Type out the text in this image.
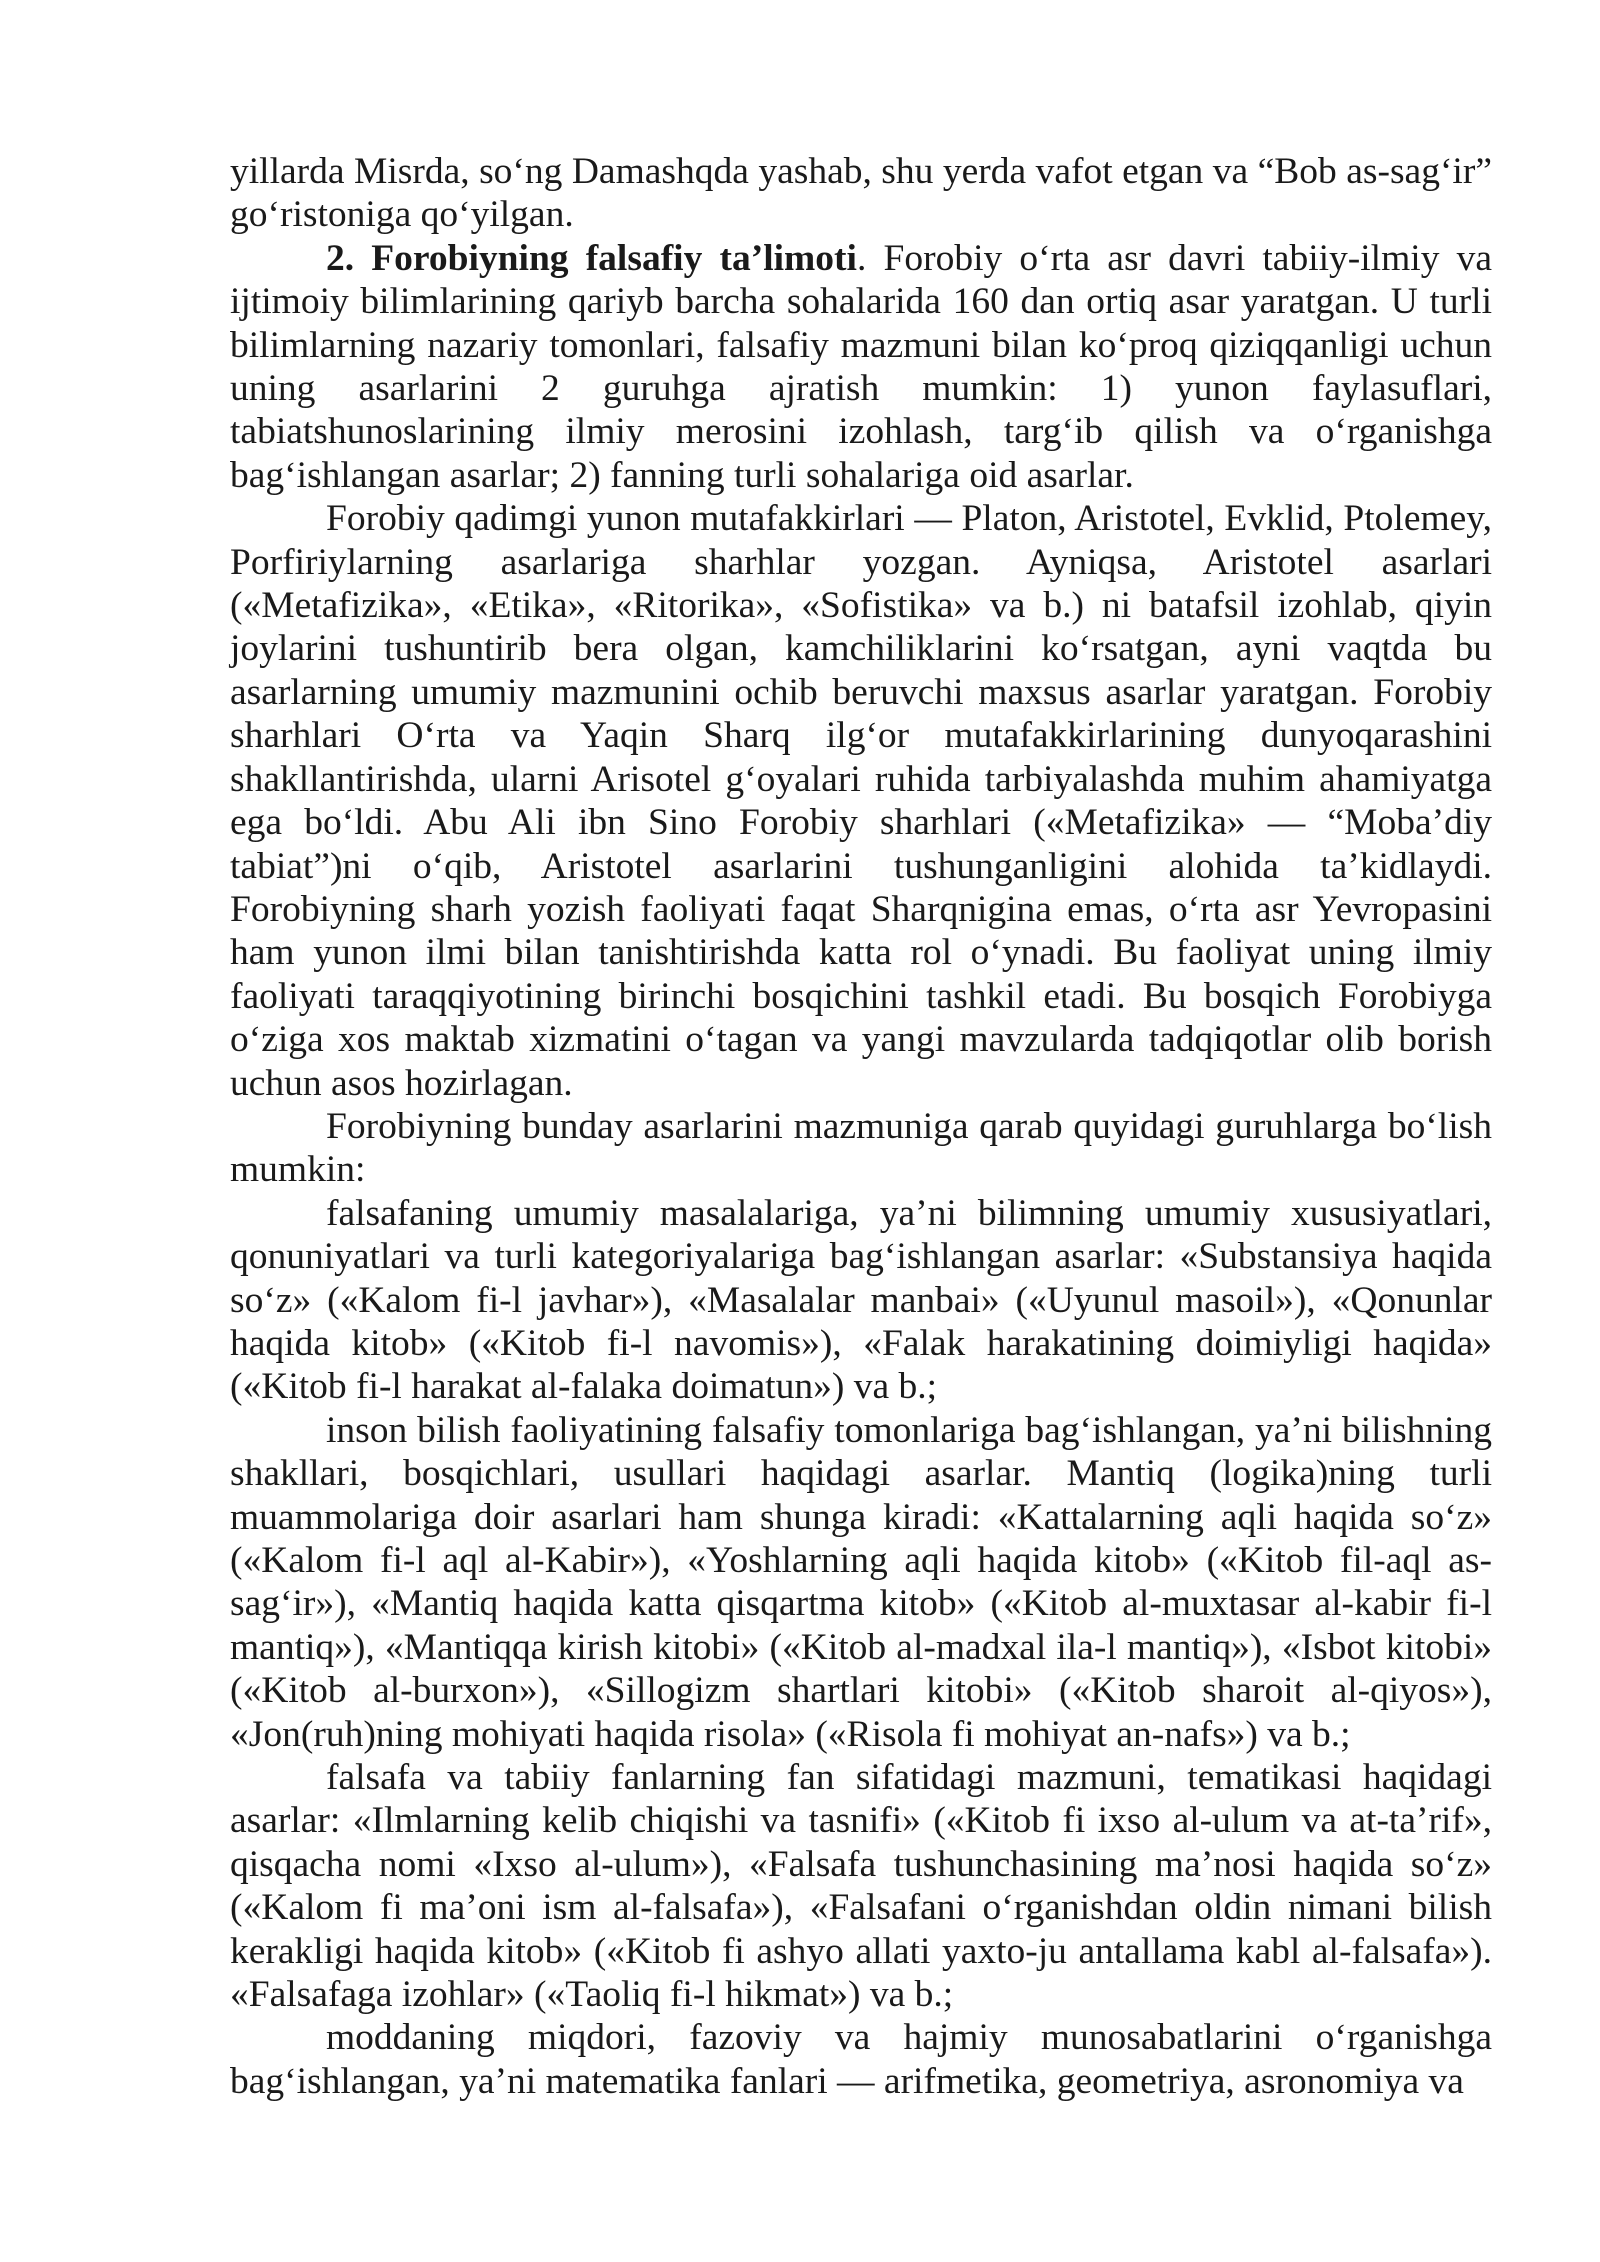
yillarda Misrda, so‘ng Damashqda yashab, shu yerda vafot etgan va “Bob as-sag‘ir” go‘ristoniga qo‘yilgan.

2. Forobiyning falsafiy ta’limoti. Forobiy o‘rta asr davri tabiiy-ilmiy va ijtimoiy bilimlarining qariyb barcha sohalarida 160 dan ortiq asar yaratgan. U turli bilimlarning nazariy tomonlari, falsafiy mazmuni bilan ko‘proq qiziqqanligi uchun uning asarlarini 2 guruhga ajratish mumkin: 1) yunon faylasuflari, tabiatshunoslarining ilmiy merosini izohlash, targ‘ib qilish va o‘rganishga bag‘ishlangan asarlar; 2) fanning turli sohalariga oid asarlar.

Forobiy qadimgi yunon mutafakkirlari — Platon, Aristotel, Evklid, Ptolemey, Porfiriylarning asarlariga sharhlar yozgan. Ayniqsa, Aristotel asarlari («Metafizika», «Etika», «Ritorika», «Sofistika» va b.) ni batafsil izohlab, qiyin joylarini tushuntirib bera olgan, kamchiliklarini ko‘rsatgan, ayni vaqtda bu asarlarning umumiy mazmunini ochib beruvchi maxsus asarlar yaratgan. Forobiy sharhlari O‘rta va Yaqin Sharq ilg‘or mutafakkirlarining dunyoqarashini shakllantirishda, ularni Arisotel g‘oyalari ruhida tarbiyalashda muhim ahamiyatga ega bo‘ldi. Abu Ali ibn Sino Forobiy sharhlari («Metafizika» — “Moba’diy tabiat”)ni o‘qib, Aristotel asarlarini tushunganligini alohida ta’kidlaydi. Forobiyning sharh yozish faoliyati faqat Sharqnigina emas, o‘rta asr Yevropasini ham yunon ilmi bilan tanishtirishda katta rol o‘ynadi. Bu faoliyat uning ilmiy faoliyati taraqqiyotining birinchi bosqichini tashkil etadi. Bu bosqich Forobiyga o‘ziga xos maktab xizmatini o‘tagan va yangi mavzularda tadqiqotlar olib borish uchun asos hozirlagan.

Forobiyning bunday asarlarini mazmuniga qarab quyidagi guruhlarga bo‘lish mumkin:

falsafaning umumiy masalalariga, ya’ni bilimning umumiy xususiyatlari, qonuniyatlari va turli kategoriyalariga bag‘ishlangan asarlar: «Substansiya haqida so‘z» («Kalom fi-l javhar»), «Masalalar manbai» («Uyunul masoil»), «Qonunlar haqida kitob» («Kitob fi-l navomis»), «Falak harakatining doimiyligi haqida» («Kitob fi-l harakat al-falaka doimatun») va b.;

inson bilish faoliyatining falsafiy tomonlariga bag‘ishlangan, ya’ni bilishning shakllari, bosqichlari, usullari haqidagi asarlar. Mantiq (logika)ning turli muammolariga doir asarlari ham shunga kiradi: «Kattalarning aqli haqida so‘z» («Kalom fi-l aql al-Kabir»), «Yoshlarning aqli haqida kitob» («Kitob fil-aql as-sag‘ir»), «Mantiq haqida katta qisqartma kitob» («Kitob al-muxtasar al-kabir fi-l mantiq»), «Mantiqqa kirish kitobi» («Kitob al-madxal ila-l mantiq»), «Isbot kitobi» («Kitob al-burxon»), «Sillogizm shartlari kitobi» («Kitob sharoit al-qiyos»), «Jon(ruh)ning mohiyati haqida risola» («Risola fi mohiyat an-nafs») va b.;

falsafa va tabiiy fanlarning fan sifatidagi mazmuni, tematikasi haqidagi asarlar: «Ilmlarning kelib chiqishi va tasnifi» («Kitob fi ixso al-ulum va at-ta’rif», qisqacha nomi «Ixso al-ulum»), «Falsafa tushunchasining ma’nosi haqida so‘z» («Kalom fi ma’oni ism al-falsafa»), «Falsafani o‘rganishdan oldin nimani bilish kerakligi haqida kitob» («Kitob fi ashyo allati yaxto-ju antallama kabl al-falsafa»). «Falsafaga izohlar» («Taoliq fi-l hikmat») va b.;

moddaning miqdori, fazoviy va hajmiy munosabatlarini o‘rganishga bag‘ishlangan, ya’ni matematika fanlari — arifmetika, geometriya, asronomiya va
